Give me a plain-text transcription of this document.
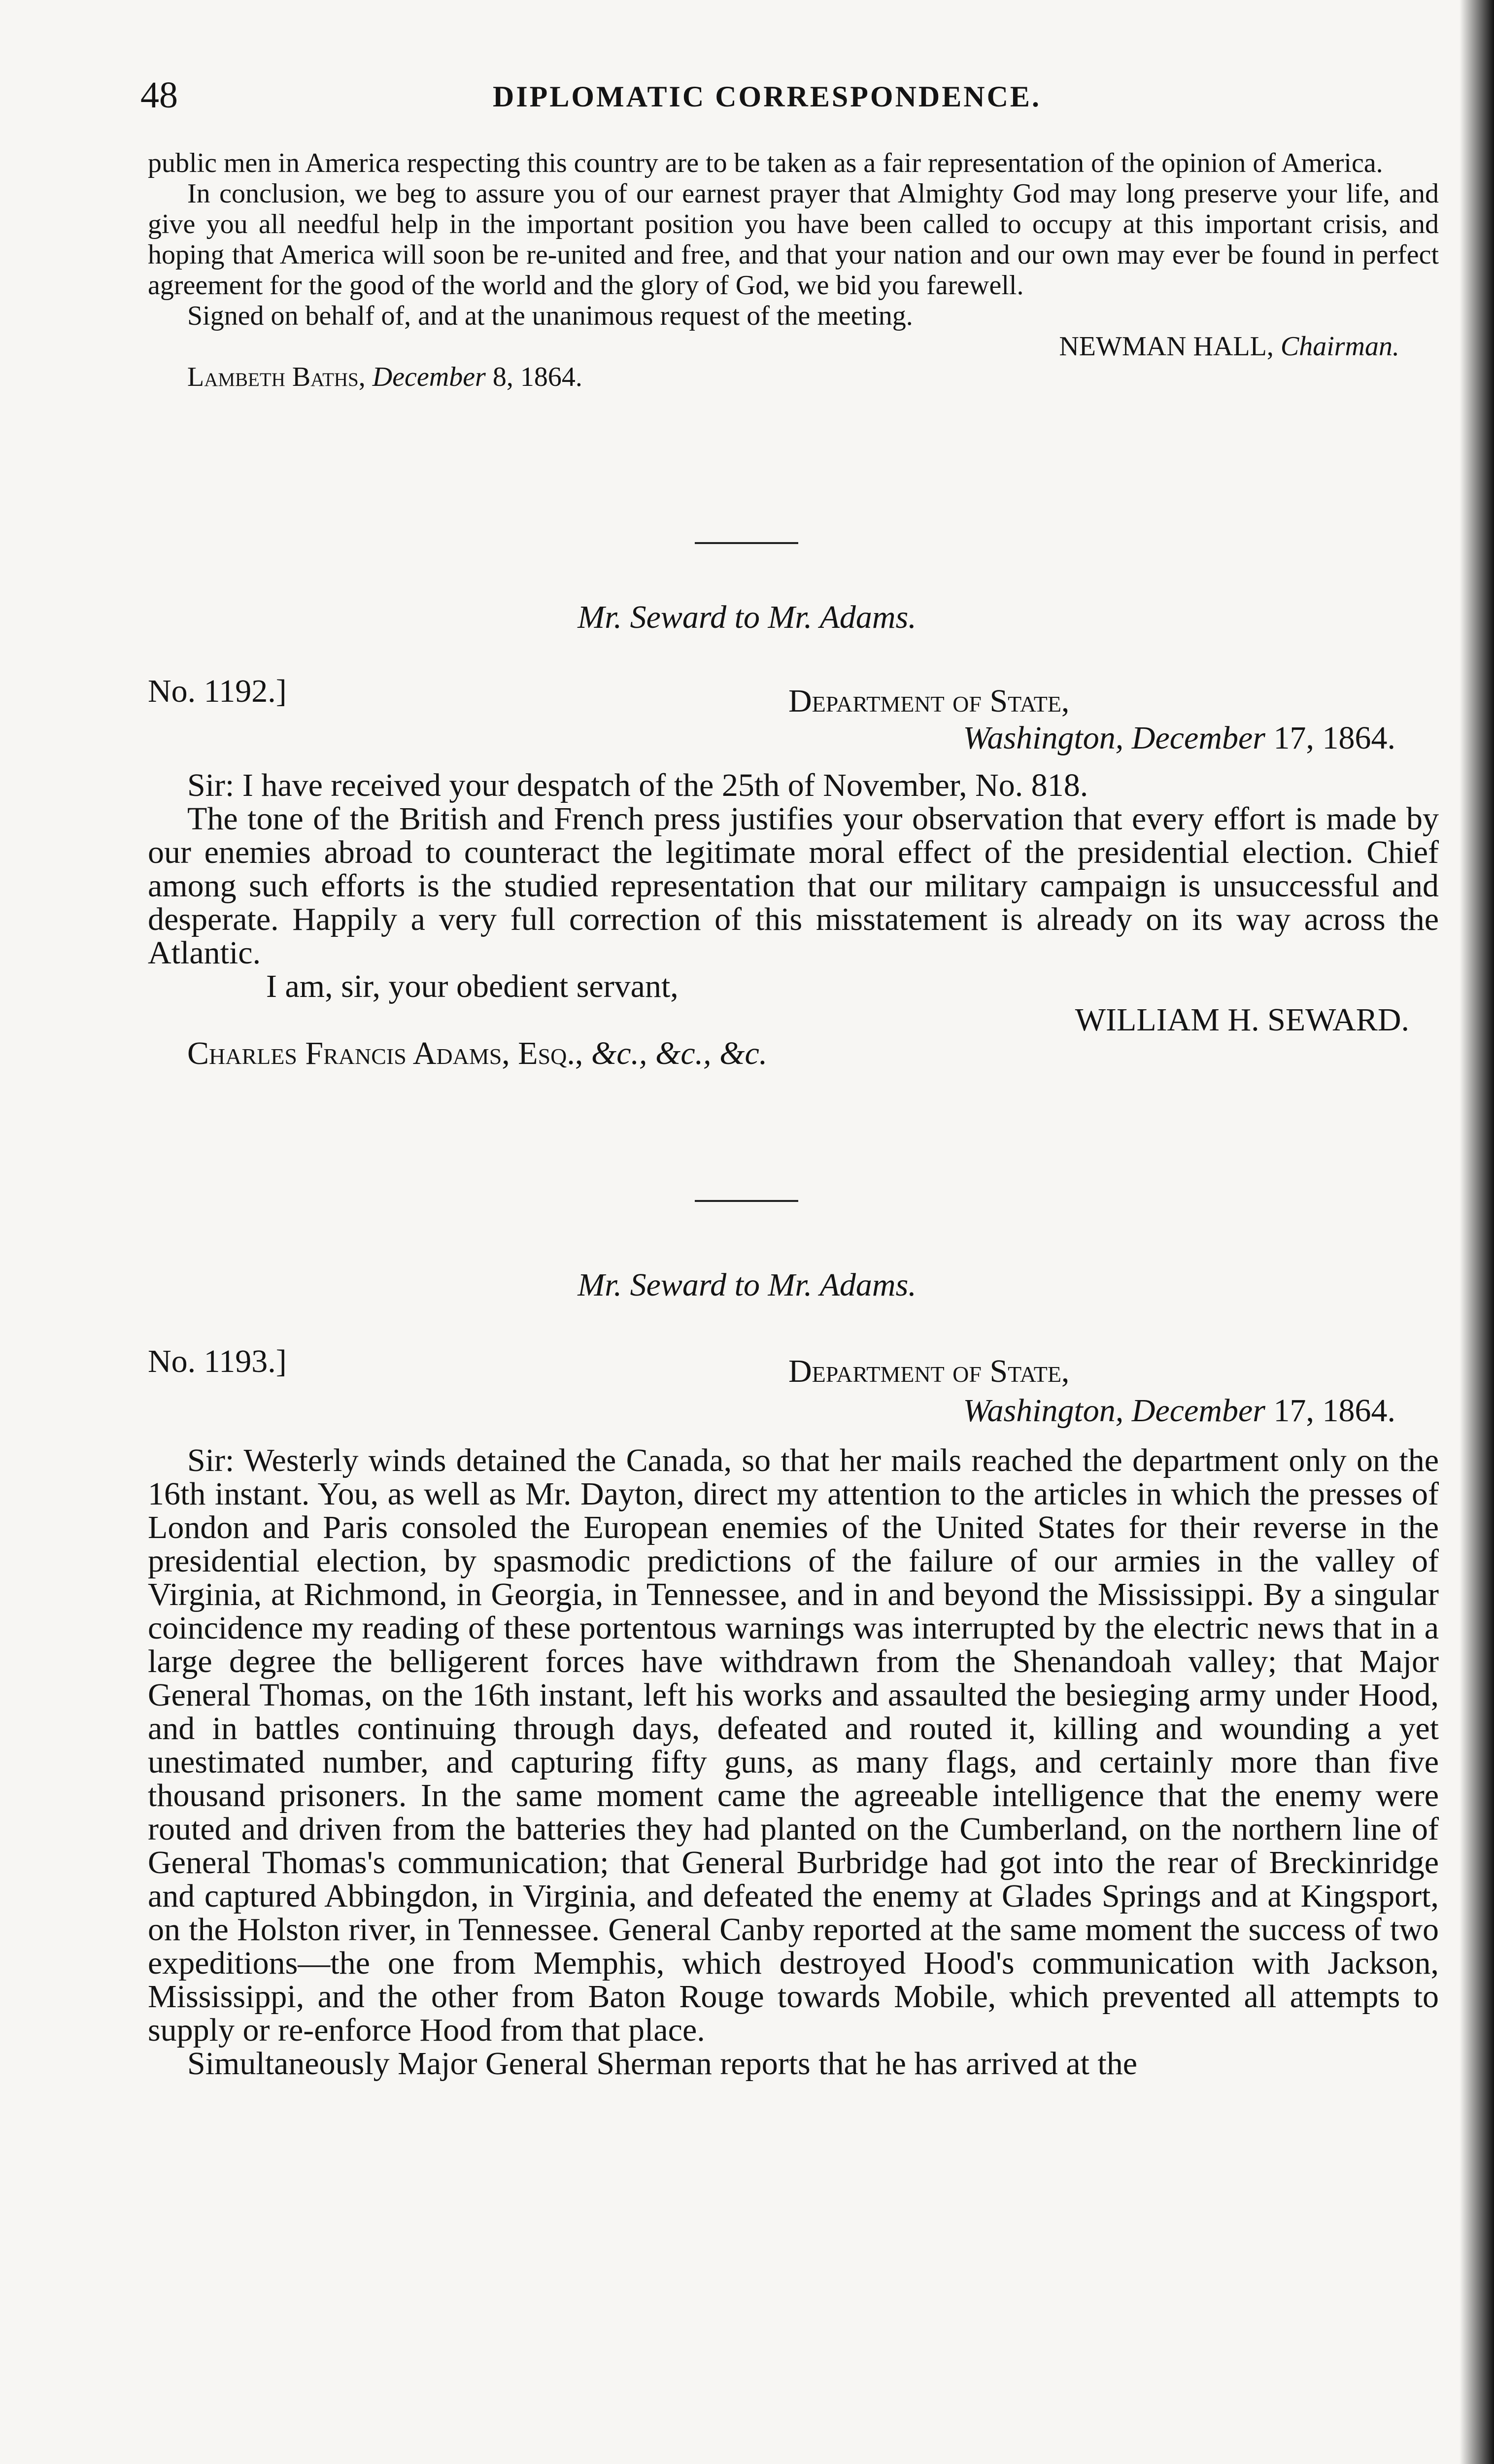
48	DIPLOMATIC CORRESPONDENCE.
public men in America respecting this country are to be taken as a fair representation of the opinion of America.
In conclusion, we beg to assure you of our earnest prayer that Almighty God may long preserve your life, and give you all needful help in the important position you have been called to occupy at this important crisis, and hoping that America will soon be re-united and free, and that your nation and our own may ever be found in perfect agreement for the good of the world and the glory of God, we bid you farewell.
Signed on behalf of, and at the unanimous request of the meeting.
NEWMAN HALL, Chairman.
Lambeth Baths, December 8, 1864.
Mr. Seward to Mr. Adams.
No. 1192.]	Department of State,
Washington, December 17, 1864.
Sir: I have received your despatch of the 25th of November, No. 818.
The tone of the British and French press justifies your observation that every effort is made by our enemies abroad to counteract the legitimate moral effect of the presidential election. Chief among such efforts is the studied representation that our military campaign is unsuccessful and desperate. Happily a very full correction of this misstatement is already on its way across the Atlantic.
I am, sir, your obedient servant,
WILLIAM H. SEWARD.
Charles Francis Adams, Esq., &c., &c., &c.
Mr. Seward to Mr. Adams.
No. 1193.]	Department of State,
Washington, December 17, 1864.
Sir: Westerly winds detained the Canada, so that her mails reached the department only on the 16th instant. You, as well as Mr. Dayton, direct my attention to the articles in which the presses of London and Paris consoled the European enemies of the United States for their reverse in the presidential election, by spasmodic predictions of the failure of our armies in the valley of Virginia, at Richmond, in Georgia, in Tennessee, and in and beyond the Mississippi. By a singular coincidence my reading of these portentous warnings was interrupted by the electric news that in a large degree the belligerent forces have withdrawn from the Shenandoah valley; that Major General Thomas, on the 16th instant, left his works and assaulted the besieging army under Hood, and in battles continuing through days, defeated and routed it, killing and wounding a yet unestimated number, and capturing fifty guns, as many flags, and certainly more than five thousand prisoners. In the same moment came the agreeable intelligence that the enemy were routed and driven from the batteries they had planted on the Cumberland, on the northern line of General Thomas's communication; that General Burbridge had got into the rear of Breckinridge and captured Abbingdon, in Virginia, and defeated the enemy at Glades Springs and at Kingsport, on the Holston river, in Tennessee. General Canby reported at the same moment the success of two expeditions—the one from Memphis, which destroyed Hood's communication with Jackson, Mississippi, and the other from Baton Rouge towards Mobile, which prevented all attempts to supply or re-enforce Hood from that place.
Simultaneously Major General Sherman reports that he has arrived at the
